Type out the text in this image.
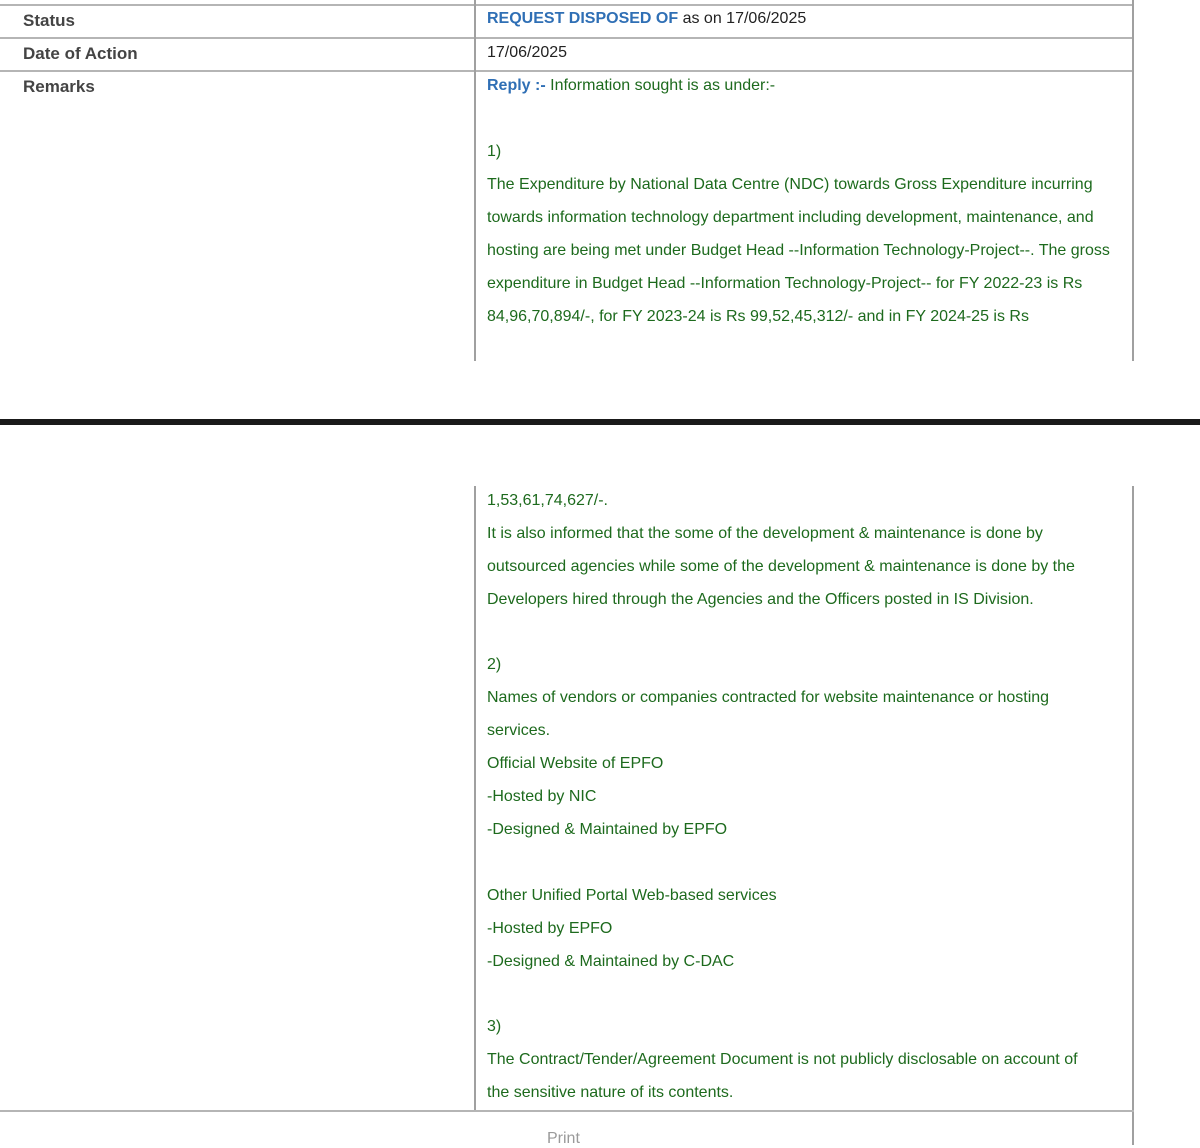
Status	REQUEST DISPOSED OF as on 17/06/2025
Date of Action	17/06/2025
Remarks	Reply :- Information sought is as under:-
1)
The Expenditure by National Data Centre (NDC) towards Gross Expenditure incurring
towards information technology department including development, maintenance, and
hosting are being met under Budget Head --Information Technology-Project--. The gross
expenditure in Budget Head --Information Technology-Project-- for FY 2022-23 is Rs
84,96,70,894/-, for FY 2023-24 is Rs 99,52,45,312/- and in FY 2024-25 is Rs
1,53,61,74,627/-.
It is also informed that the some of the development & maintenance is done by
outsourced agencies while some of the development & maintenance is done by the
Developers hired through the Agencies and the Officers posted in IS Division.
2)
Names of vendors or companies contracted for website maintenance or hosting
services.
Official Website of EPFO
-Hosted by NIC
-Designed & Maintained by EPFO
Other Unified Portal Web-based services
-Hosted by EPFO
-Designed & Maintained by C-DAC
3)
The Contract/Tender/Agreement Document is not publicly disclosable on account of
the sensitive nature of its contents.
Print
